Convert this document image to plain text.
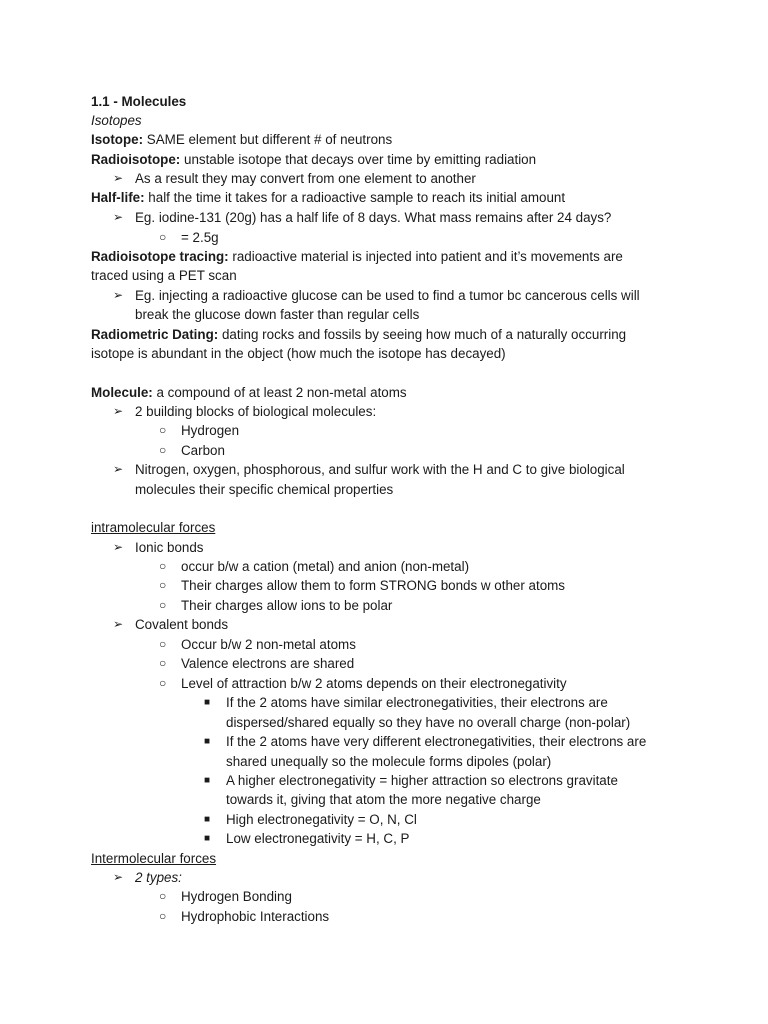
1.1 - Molecules
Isotopes
Isotope: SAME element but different # of neutrons
Radioisotope: unstable isotope that decays over time by emitting radiation
➢ As a result they may convert from one element to another
Half-life: half the time it takes for a radioactive sample to reach its initial amount
➢ Eg. iodine-131 (20g) has a half life of 8 days. What mass remains after 24 days?
○ = 2.5g
Radioisotope tracing: radioactive material is injected into patient and it’s movements are
traced using a PET scan
➢ Eg. injecting a radioactive glucose can be used to find a tumor bc cancerous cells will
break the glucose down faster than regular cells
Radiometric Dating: dating rocks and fossils by seeing how much of a naturally occurring
isotope is abundant in the object (how much the isotope has decayed)
Molecule: a compound of at least 2 non-metal atoms
➢ 2 building blocks of biological molecules:
○ Hydrogen
○ Carbon
➢ Nitrogen, oxygen, phosphorous, and sulfur work with the H and C to give biological
molecules their specific chemical properties
intramolecular forces
➢ Ionic bonds
○ occur b/w a cation (metal) and anion (non-metal)
○ Their charges allow them to form STRONG bonds w other atoms
○ Their charges allow ions to be polar
➢ Covalent bonds
○ Occur b/w 2 non-metal atoms
○ Valence electrons are shared
○ Level of attraction b/w 2 atoms depends on their electronegativity
■ If the 2 atoms have similar electronegativities, their electrons are
dispersed/shared equally so they have no overall charge (non-polar)
■ If the 2 atoms have very different electronegativities, their electrons are
shared unequally so the molecule forms dipoles (polar)
■ A higher electronegativity = higher attraction so electrons gravitate
towards it, giving that atom the more negative charge
■ High electronegativity = O, N, Cl
■ Low electronegativity = H, C, P
Intermolecular forces
➢ 2 types:
○ Hydrogen Bonding
○ Hydrophobic Interactions
